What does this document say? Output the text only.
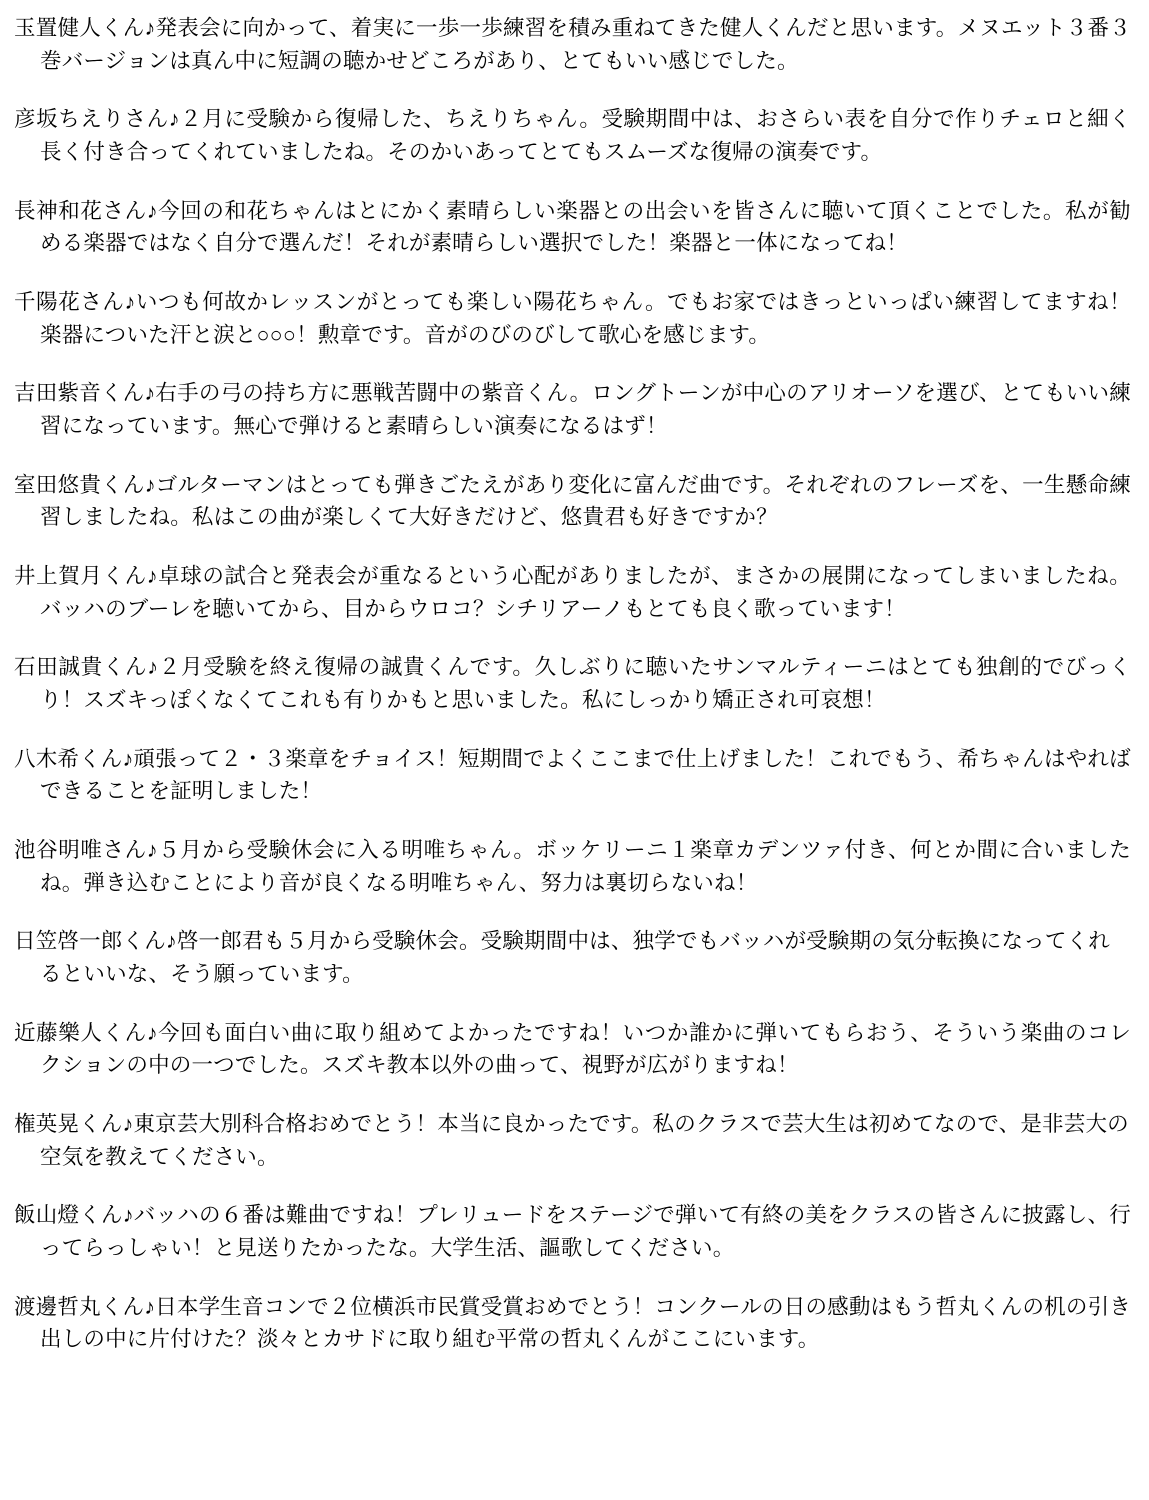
玉置健人くん♪発表会に向かって、着実に一歩一歩練習を積み重ねてきた健人くんだと思います。メヌエット３番３巻バージョンは真ん中に短調の聴かせどころがあり、とてもいい感じでした。

彦坂ちえりさん♪２月に受験から復帰した、ちえりちゃん。受験期間中は、おさらい表を自分で作りチェロと細く長く付き合ってくれていましたね。そのかいあってとてもスムーズな復帰の演奏です。

長神和花さん♪今回の和花ちゃんはとにかく素晴らしい楽器との出会いを皆さんに聴いて頂くことでした。私が勧める楽器ではなく自分で選んだ！それが素晴らしい選択でした！楽器と一体になってね！

千陽花さん♪いつも何故かレッスンがとっても楽しい陽花ちゃん。でもお家ではきっといっぱい練習してますね！楽器についた汗と涙と○○○！勲章です。音がのびのびして歌心を感じます。

吉田紫音くん♪右手の弓の持ち方に悪戦苦闘中の紫音くん。ロングトーンが中心のアリオーソを選び、とてもいい練習になっています。無心で弾けると素晴らしい演奏になるはず！

室田悠貴くん♪ゴルターマンはとっても弾きごたえがあり変化に富んだ曲です。それぞれのフレーズを、一生懸命練習しましたね。私はこの曲が楽しくて大好きだけど、悠貴君も好きですか？

井上賀月くん♪卓球の試合と発表会が重なるという心配がありましたが、まさかの展開になってしまいましたね。バッハのブーレを聴いてから、目からウロコ？シチリアーノもとても良く歌っています！

石田誠貴くん♪２月受験を終え復帰の誠貴くんです。久しぶりに聴いたサンマルティーニはとても独創的でびっくり！スズキっぽくなくてこれも有りかもと思いました。私にしっかり矯正され可哀想！

八木希くん♪頑張って２・３楽章をチョイス！短期間でよくここまで仕上げました！これでもう、希ちゃんはやればできることを証明しました！

池谷明唯さん♪５月から受験休会に入る明唯ちゃん。ボッケリーニ１楽章カデンツァ付き、何とか間に合いましたね。弾き込むことにより音が良くなる明唯ちゃん、努力は裏切らないね！

日笠啓一郎くん♪啓一郎君も５月から受験休会。受験期間中は、独学でもバッハが受験期の気分転換になってくれるといいな、そう願っています。

近藤樂人くん♪今回も面白い曲に取り組めてよかったですね！いつか誰かに弾いてもらおう、そういう楽曲のコレクションの中の一つでした。スズキ教本以外の曲って、視野が広がりますね！

権英晃くん♪東京芸大別科合格おめでとう！本当に良かったです。私のクラスで芸大生は初めてなので、是非芸大の空気を教えてください。

飯山燈くん♪バッハの６番は難曲ですね！プレリュードをステージで弾いて有終の美をクラスの皆さんに披露し、行ってらっしゃい！と見送りたかったな。大学生活、謳歌してください。

渡邊哲丸くん♪日本学生音コンで２位横浜市民賞受賞おめでとう！コンクールの日の感動はもう哲丸くんの机の引き出しの中に片付けた？淡々とカサドに取り組む平常の哲丸くんがここにいます。
